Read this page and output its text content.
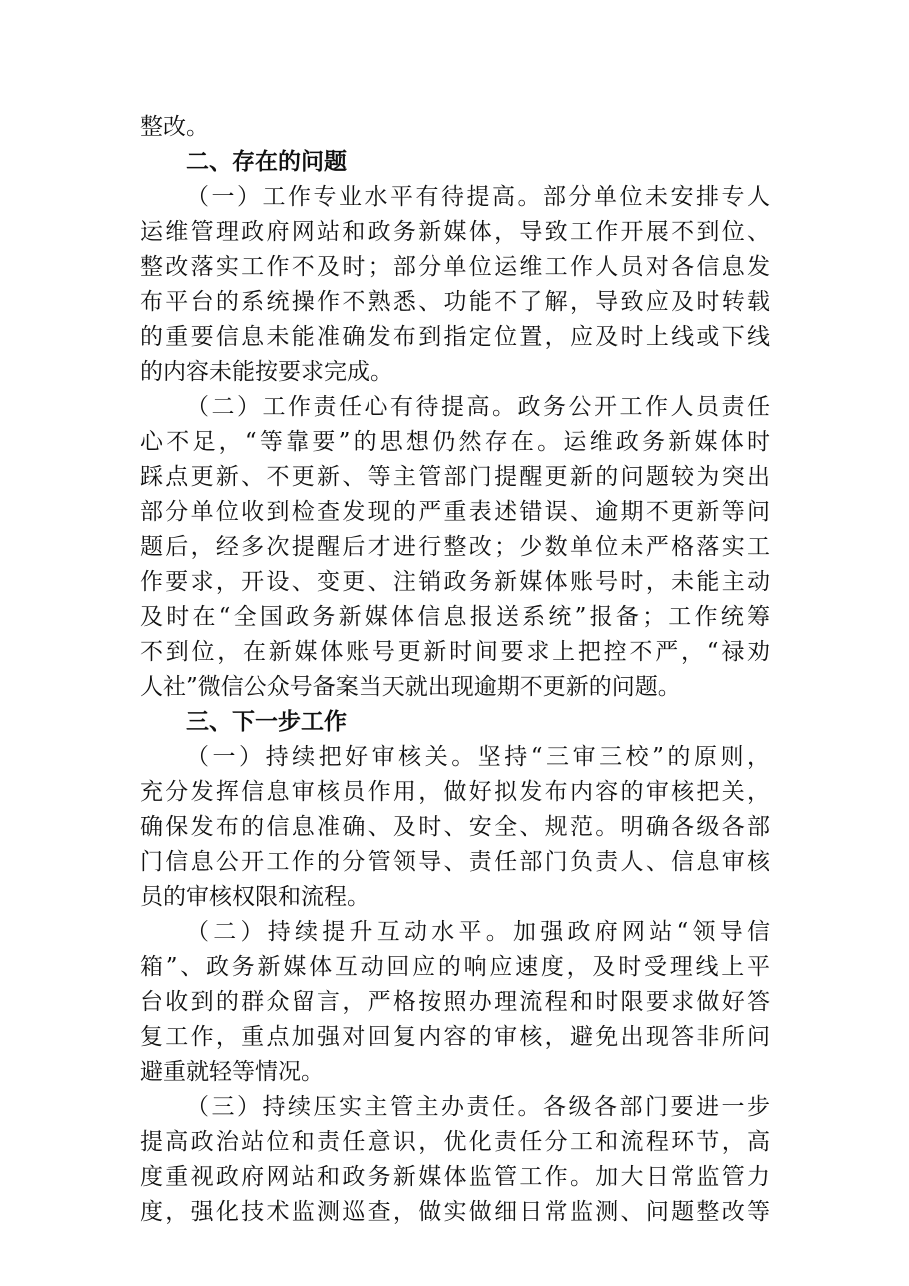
整改。
二、存在的问题
（一）工作专业水平有待提高。部分单位未安排专人
运维管理政府网站和政务新媒体，导致工作开展不到位、
整改落实工作不及时；部分单位运维工作人员对各信息发
布平台的系统操作不熟悉、功能不了解，导致应及时转载
的重要信息未能准确发布到指定位置，应及时上线或下线
的内容未能按要求完成。
（二）工作责任心有待提高。政务公开工作人员责任
心不足，“等靠要”的思想仍然存在。运维政务新媒体时
踩点更新、不更新、等主管部门提醒更新的问题较为突出
部分单位收到检查发现的严重表述错误、逾期不更新等问
题后，经多次提醒后才进行整改；少数单位未严格落实工
作要求，开设、变更、注销政务新媒体账号时，未能主动
及时在“全国政务新媒体信息报送系统”报备；工作统筹
不到位，在新媒体账号更新时间要求上把控不严，“禄劝
人社”微信公众号备案当天就出现逾期不更新的问题。
三、下一步工作
（一）持续把好审核关。坚持“三审三校”的原则，
充分发挥信息审核员作用，做好拟发布内容的审核把关，
确保发布的信息准确、及时、安全、规范。明确各级各部
门信息公开工作的分管领导、责任部门负责人、信息审核
员的审核权限和流程。
（二）持续提升互动水平。加强政府网站“领导信
箱”、政务新媒体互动回应的响应速度，及时受理线上平
台收到的群众留言，严格按照办理流程和时限要求做好答
复工作，重点加强对回复内容的审核，避免出现答非所问
避重就轻等情况。
（三）持续压实主管主办责任。各级各部门要进一步
提高政治站位和责任意识，优化责任分工和流程环节，高
度重视政府网站和政务新媒体监管工作。加大日常监管力
度，强化技术监测巡查，做实做细日常监测、问题整改等
